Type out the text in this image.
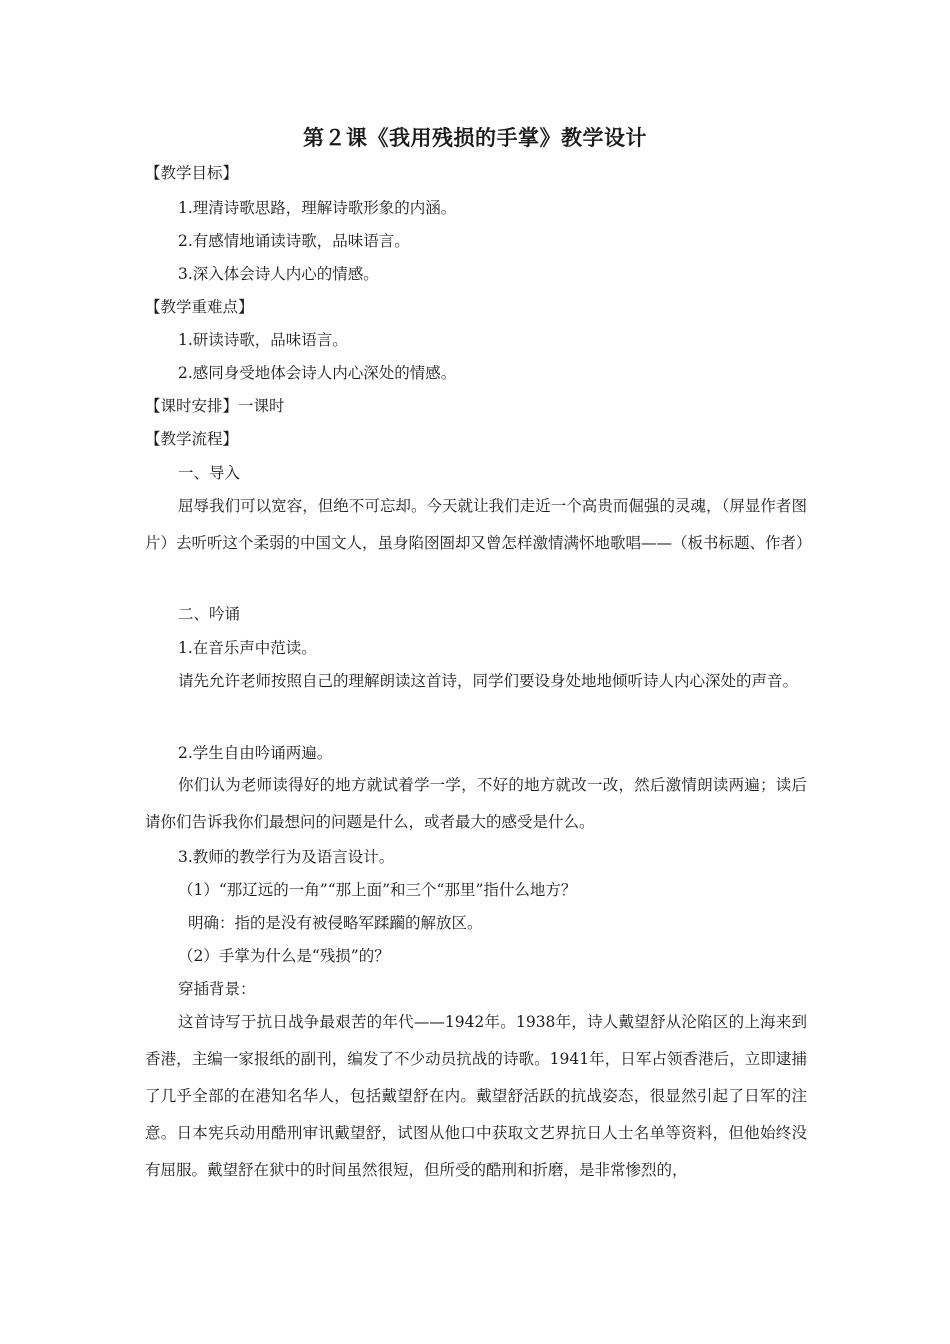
第２课《我用残损的手掌》教学设计
【教学目标】
1.理清诗歌思路，理解诗歌形象的内涵。
2.有感情地诵读诗歌，品味语言。
3.深入体会诗人内心的情感。
【教学重难点】
1.研读诗歌，品味语言。
2.感同身受地体会诗人内心深处的情感。
【课时安排】一课时
【教学流程】
一、导入
屈辱我们可以宽容，但绝不可忘却。今天就让我们走近一个高贵而倔强的灵魂，（屏显作者图片）去听听这个柔弱的中国文人，虽身陷囹圄却又曾怎样激情满怀地歌唱——（板书标题、作者）
二、吟诵
1.在音乐声中范读。
请先允许老师按照自己的理解朗读这首诗，同学们要设身处地地倾听诗人内心深处的声音。
2.学生自由吟诵两遍。
你们认为老师读得好的地方就试着学一学，不好的地方就改一改，然后激情朗读两遍；读后请你们告诉我你们最想问的问题是什么，或者最大的感受是什么。
3.教师的教学行为及语言设计。
（1）“那辽远的一角”“那上面”和三个“那里”指什么地方？
明确：指的是没有被侵略军蹂躏的解放区。
（2）手掌为什么是“残损”的？
穿插背景：
这首诗写于抗日战争最艰苦的年代——1942年。1938年，诗人戴望舒从沦陷区的上海来到香港，主编一家报纸的副刊，编发了不少动员抗战的诗歌。1941年，日军占领香港后，立即逮捕了几乎全部的在港知名华人，包括戴望舒在内。戴望舒活跃的抗战姿态，很显然引起了日军的注意。日本宪兵动用酷刑审讯戴望舒，试图从他口中获取文艺界抗日人士名单等资料，但他始终没有屈服。戴望舒在狱中的时间虽然很短，但所受的酷刑和折磨，是非常惨烈的，
